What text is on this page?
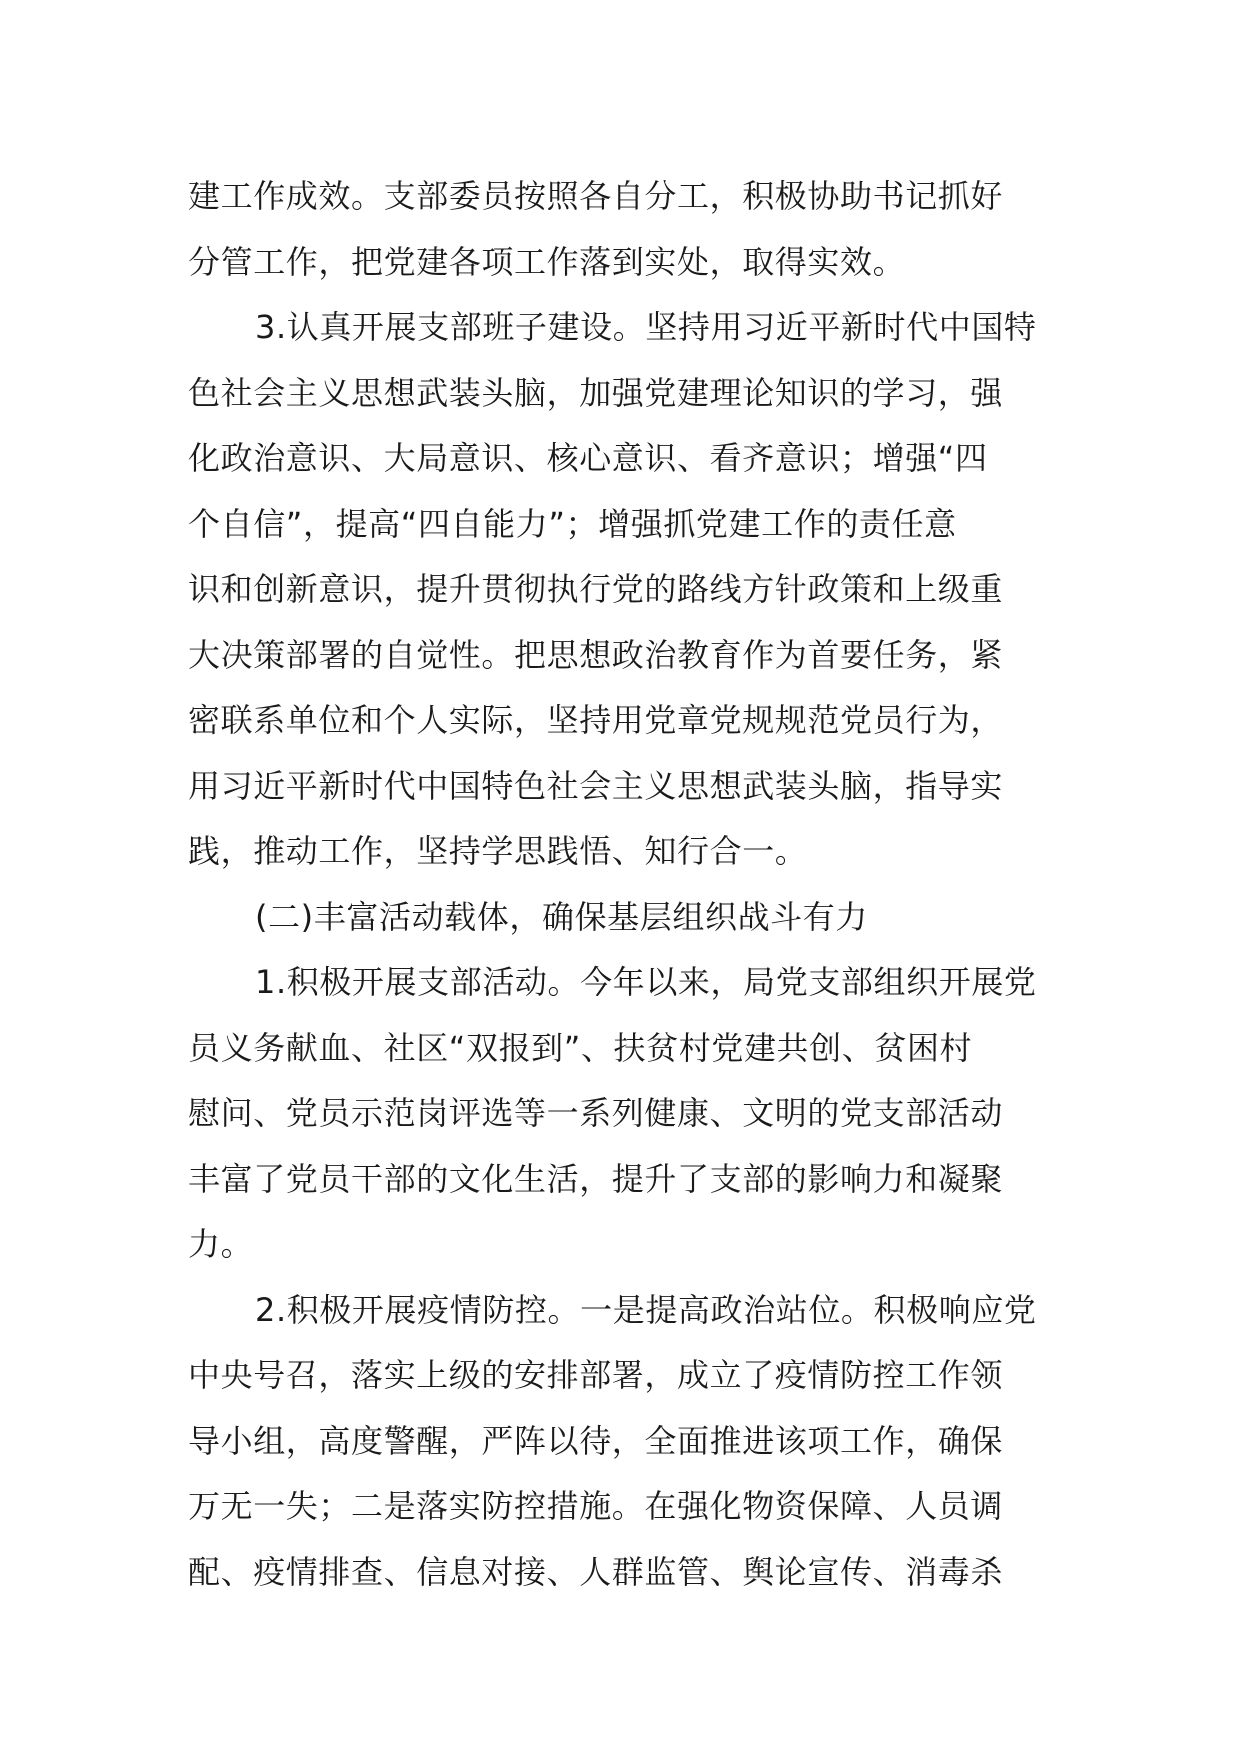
建工作成效。支部委员按照各自分工，积极协助书记抓好
分管工作，把党建各项工作落到实处，取得实效。
3.认真开展支部班子建设。坚持用习近平新时代中国特
色社会主义思想武装头脑，加强党建理论知识的学习，强
化政治意识、大局意识、核心意识、看齐意识；增强“四
个自信”，提高“四自能力”；增强抓党建工作的责任意
识和创新意识，提升贯彻执行党的路线方针政策和上级重
大决策部署的自觉性。把思想政治教育作为首要任务，紧
密联系单位和个人实际，坚持用党章党规规范党员行为，
用习近平新时代中国特色社会主义思想武装头脑，指导实
践，推动工作，坚持学思践悟、知行合一。
(二)丰富活动载体，确保基层组织战斗有力
1.积极开展支部活动。今年以来，局党支部组织开展党
员义务献血、社区“双报到”、扶贫村党建共创、贫困村
慰问、党员示范岗评选等一系列健康、文明的党支部活动
丰富了党员干部的文化生活，提升了支部的影响力和凝聚
力。
2.积极开展疫情防控。一是提高政治站位。积极响应党
中央号召，落实上级的安排部署，成立了疫情防控工作领
导小组，高度警醒，严阵以待，全面推进该项工作，确保
万无一失；二是落实防控措施。在强化物资保障、人员调
配、疫情排查、信息对接、人群监管、舆论宣传、消毒杀
